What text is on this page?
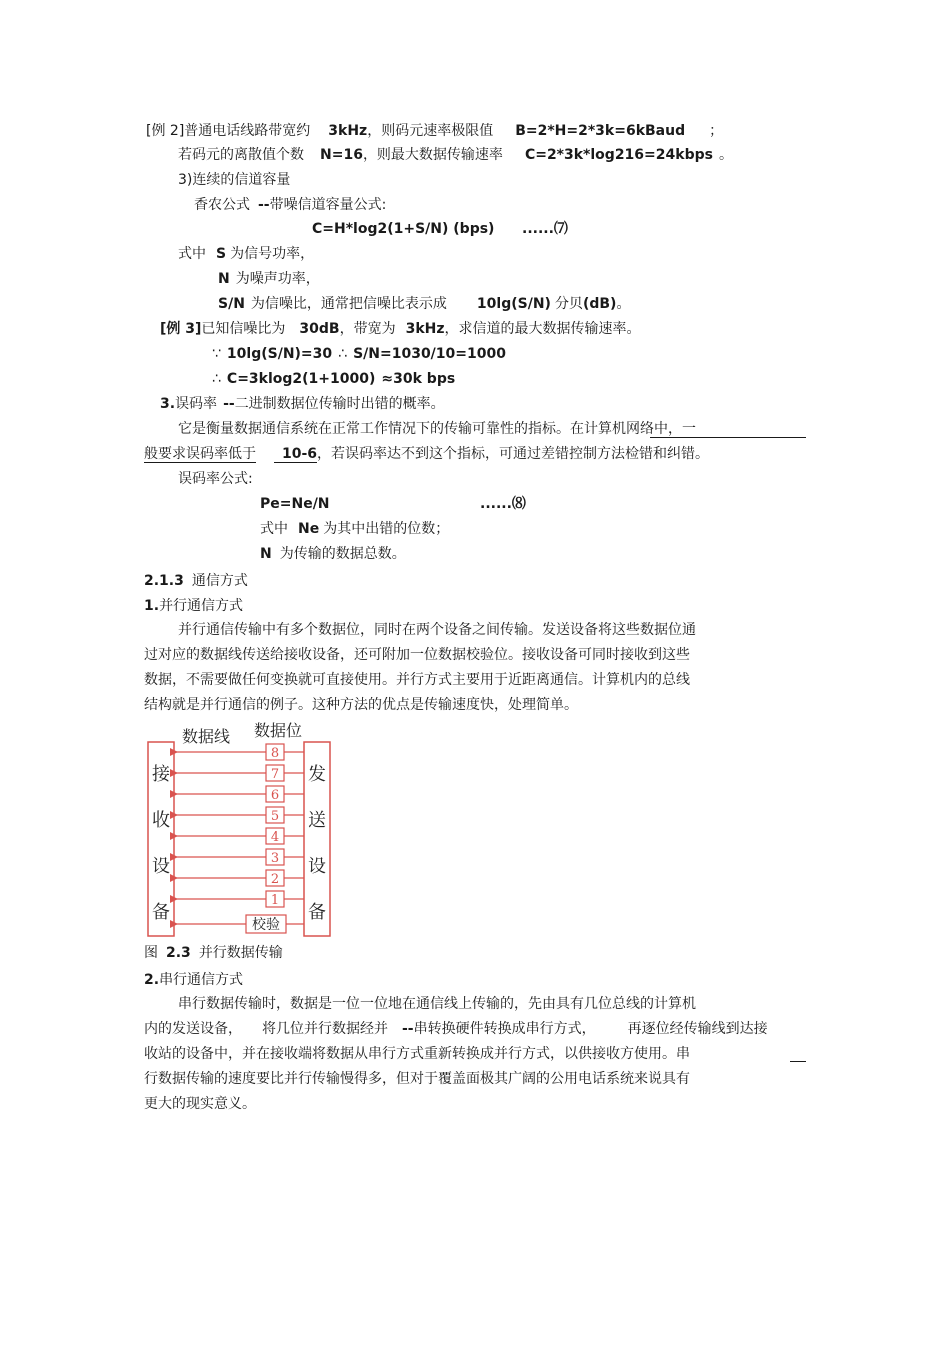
[例 2]普通电话线路带宽约 3kHz，则码元速率极限值 B=2*H=2*3k=6kBaud ；
若码元的离散值个数 N=16，则最大数据传输速率 C=2*3k*log216=24kbps 。
3)连续的信道容量
香农公式 --带噪信道容量公式:
C=H*log2(1+S/N) (bps) ......⑺
式中 S 为信号功率，
N 为噪声功率，
S/N 为信噪比，通常把信噪比表示成 10lg(S/N) 分贝(dB)。
[例 3]已知信噪比为 30dB，带宽为 3kHz，求信道的最大数据传输速率。
∵ 10lg(S/N)=30 ∴ S/N=1030/10=1000
∴ C=3klog2(1+1000) ≈30k bps
3.误码率 --二进制数据位传输时出错的概率。
它是衡量数据通信系统在正常工作情况下的传输可靠性的指标。在计算机网络中，一
般要求误码率低于 10-6，若误码率达不到这个指标，可通过差错控制方法检错和纠错。
误码率公式:
Pe=Ne/N	......⑻
式中 Ne 为其中出错的位数；
N 为传输的数据总数。
2.1.3 通信方式
1.并行通信方式
并行通信传输中有多个数据位，同时在两个设备之间传输。发送设备将这些数据位通
过对应的数据线传送给接收设备，还可附加一位数据校验位。接收设备可同时接收到这些
数据，不需要做任何变换就可直接使用。并行方式主要用于近距离通信。计算机内的总线
结构就是并行通信的例子。这种方法的优点是传输速度快，处理简单。
数据线 数据位
接
收
设
备
发
送
设
备
8
7
6
5
4
3
2
1
校验
图 2.3 并行数据传输
2.串行通信方式
串行数据传输时，数据是一位一位地在通信线上传输的，先由具有几位总线的计算机
内的发送设备， 将几位并行数据经并 --串转换硬件转换成串行方式， 再逐位经传输线到达接
收站的设备中，并在接收端将数据从串行方式重新转换成并行方式，以供接收方使用。串
行数据传输的速度要比并行传输慢得多，但对于覆盖面极其广阔的公用电话系统来说具有
更大的现实意义。
